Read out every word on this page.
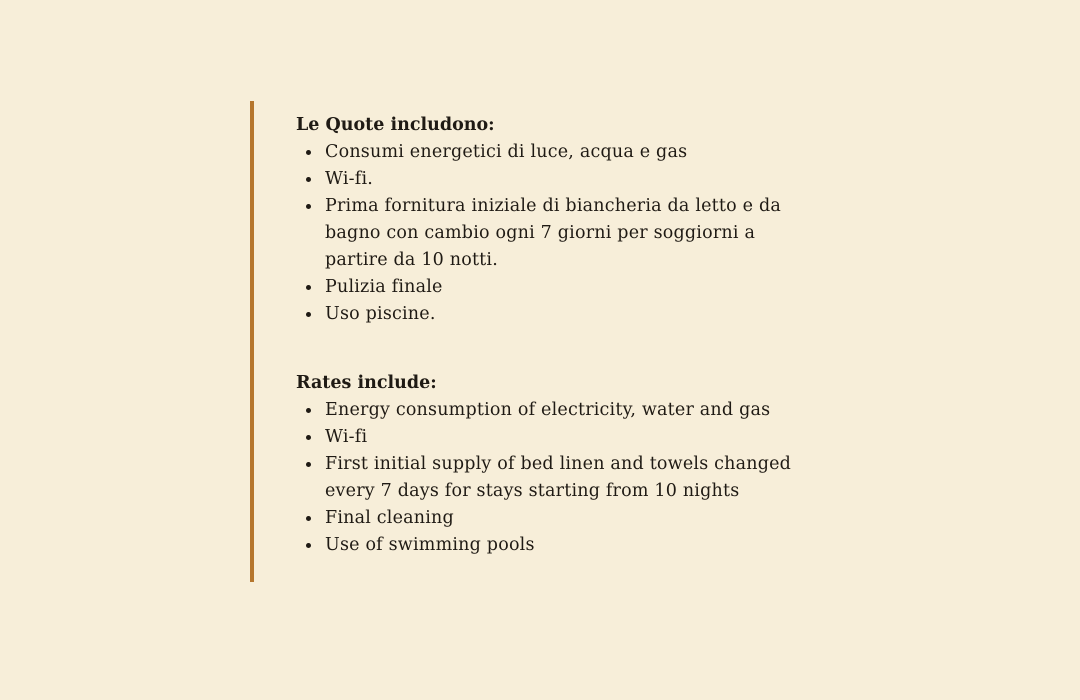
Le Quote includono:

Consumi energetici di luce, acqua e gas
Wi-fi.
Prima fornitura iniziale di biancheria da letto e da bagno con cambio ogni 7 giorni per soggiorni a partire da 10 notti.
Pulizia finale
Uso piscine.

Rates include:

Energy consumption of electricity, water and gas
Wi-fi
First initial supply of bed linen and towels changed every 7 days for stays starting from 10 nights
Final cleaning
Use of swimming pools
